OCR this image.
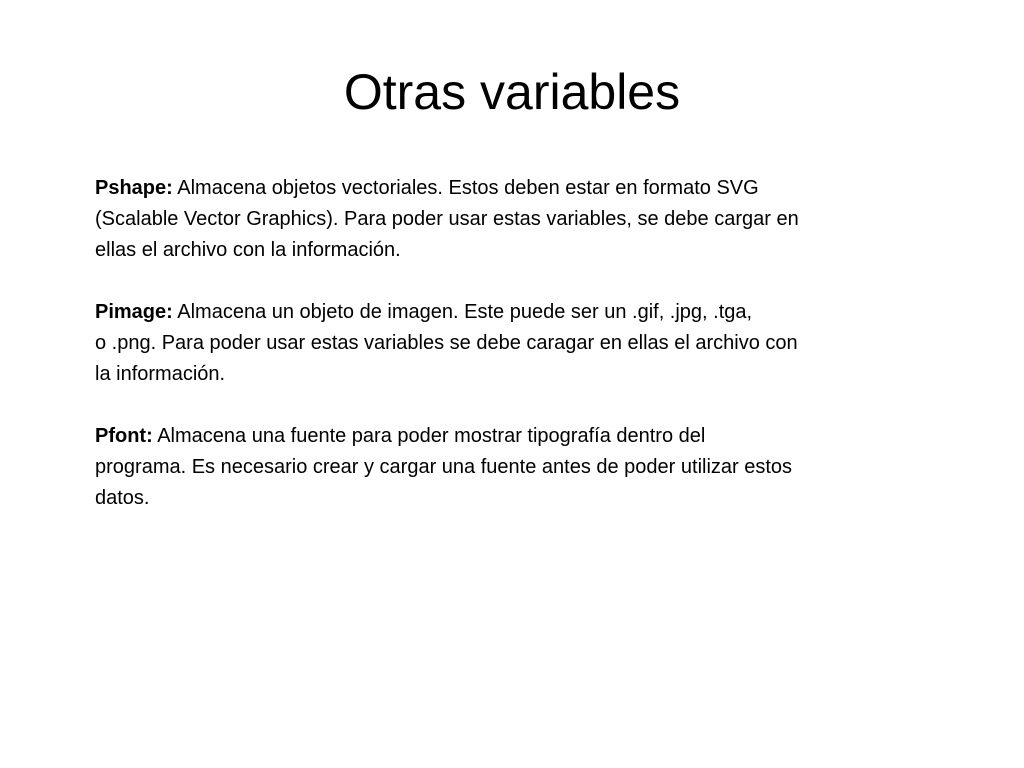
Otras variables

Pshape: Almacena objetos vectoriales. Estos deben estar en formato SVG
(Scalable Vector Graphics). Para poder usar estas variables, se debe cargar en
ellas el archivo con la información.

Pimage: Almacena un objeto de imagen. Este puede ser un .gif, .jpg, .tga,
o .png. Para poder usar estas variables se debe caragar en ellas el archivo con
la información.

Pfont: Almacena una fuente para poder mostrar tipografía dentro del
programa. Es necesario crear y cargar una fuente antes de poder utilizar estos
datos.
